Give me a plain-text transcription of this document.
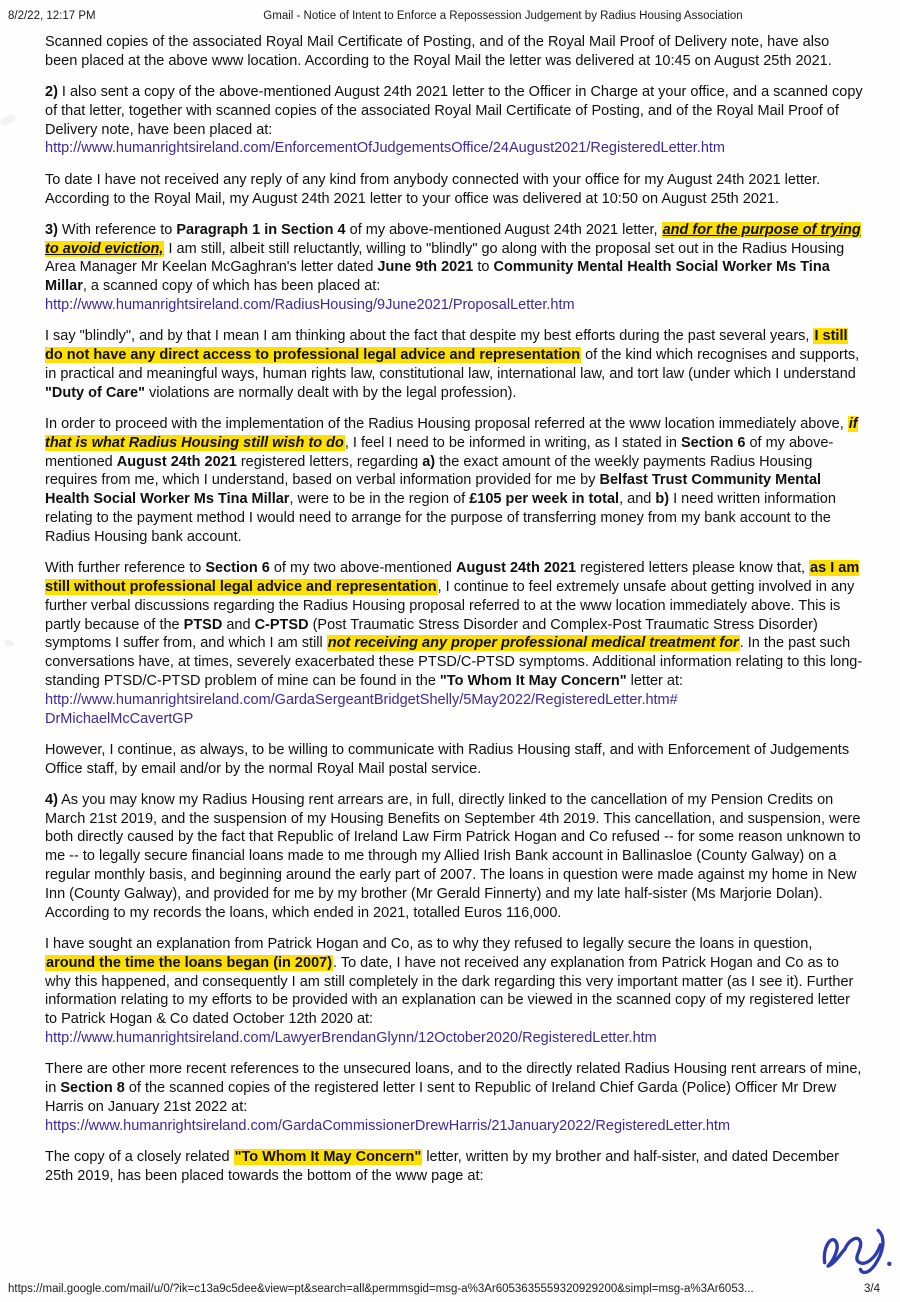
8/2/22, 12:17 PM	Gmail - Notice of Intent to Enforce a Repossession Judgement by Radius Housing Association

Scanned copies of the associated Royal Mail Certificate of Posting, and of the Royal Mail Proof of Delivery note, have also been placed at the above www location. According to the Royal Mail the letter was delivered at 10:45 on August 25th 2021.

2) I also sent a copy of the above-mentioned August 24th 2021 letter to the Officer in Charge at your office, and a scanned copy of that letter, together with scanned copies of the associated Royal Mail Certificate of Posting, and of the Royal Mail Proof of Delivery note, have been placed at:
http://www.humanrightsireland.com/EnforcementOfJudgementsOffice/24August2021/RegisteredLetter.htm

To date I have not received any reply of any kind from anybody connected with your office for my August 24th 2021 letter. According to the Royal Mail, my August 24th 2021 letter to your office was delivered at 10:50 on August 25th 2021.

3) With reference to Paragraph 1 in Section 4 of my above-mentioned August 24th 2021 letter, and for the purpose of trying to avoid eviction, I am still, albeit still reluctantly, willing to "blindly" go along with the proposal set out in the Radius Housing Area Manager Mr Keelan McGaghran's letter dated June 9th 2021 to Community Mental Health Social Worker Ms Tina Millar, a scanned copy of which has been placed at:
http://www.humanrightsireland.com/RadiusHousing/9June2021/ProposalLetter.htm

I say "blindly", and by that I mean I am thinking about the fact that despite my best efforts during the past several years, I still do not have any direct access to professional legal advice and representation of the kind which recognises and supports, in practical and meaningful ways, human rights law, constitutional law, international law, and tort law (under which I understand "Duty of Care" violations are normally dealt with by the legal profession).

In order to proceed with the implementation of the Radius Housing proposal referred at the www location immediately above, if that is what Radius Housing still wish to do, I feel I need to be informed in writing, as I stated in Section 6 of my above-mentioned August 24th 2021 registered letters, regarding a) the exact amount of the weekly payments Radius Housing requires from me, which I understand, based on verbal information provided for me by Belfast Trust Community Mental Health Social Worker Ms Tina Millar, were to be in the region of £105 per week in total, and b) I need written information relating to the payment method I would need to arrange for the purpose of transferring money from my bank account to the Radius Housing bank account.

With further reference to Section 6 of my two above-mentioned August 24th 2021 registered letters please know that, as I am still without professional legal advice and representation, I continue to feel extremely unsafe about getting involved in any further verbal discussions regarding the Radius Housing proposal referred to at the www location immediately above. This is partly because of the PTSD and C-PTSD (Post Traumatic Stress Disorder and Complex-Post Traumatic Stress Disorder) symptoms I suffer from, and which I am still not receiving any proper professional medical treatment for. In the past such conversations have, at times, severely exacerbated these PTSD/C-PTSD symptoms. Additional information relating to this long-standing PTSD/C-PTSD problem of mine can be found in the "To Whom It May Concern" letter at:
http://www.humanrightsireland.com/GardaSergeantBridgetShelly/5May2022/RegisteredLetter.htm#
DrMichaelMcCavertGP

However, I continue, as always, to be willing to communicate with Radius Housing staff, and with Enforcement of Judgements Office staff, by email and/or by the normal Royal Mail postal service.

4) As you may know my Radius Housing rent arrears are, in full, directly linked to the cancellation of my Pension Credits on March 21st 2019, and the suspension of my Housing Benefits on September 4th 2019. This cancellation, and suspension, were both directly caused by the fact that Republic of Ireland Law Firm Patrick Hogan and Co refused -- for some reason unknown to me -- to legally secure financial loans made to me through my Allied Irish Bank account in Ballinasloe (County Galway) on a regular monthly basis, and beginning around the early part of 2007. The loans in question were made against my home in New Inn (County Galway), and provided for me by my brother (Mr Gerald Finnerty) and my late half-sister (Ms Marjorie Dolan). According to my records the loans, which ended in 2021, totalled Euros 116,000.

I have sought an explanation from Patrick Hogan and Co, as to why they refused to legally secure the loans in question, around the time the loans began (in 2007). To date, I have not received any explanation from Patrick Hogan and Co as to why this happened, and consequently I am still completely in the dark regarding this very important matter (as I see it). Further information relating to my efforts to be provided with an explanation can be viewed in the scanned copy of my registered letter to Patrick Hogan & Co dated October 12th 2020 at:
http://www.humanrightsireland.com/LawyerBrendanGlynn/12October2020/RegisteredLetter.htm

There are other more recent references to the unsecured loans, and to the directly related Radius Housing rent arrears of mine, in Section 8 of the scanned copies of the registered letter I sent to Republic of Ireland Chief Garda (Police) Officer Mr Drew Harris on January 21st 2022 at:
https://www.humanrightsireland.com/GardaCommissionerDrewHarris/21January2022/RegisteredLetter.htm

The copy of a closely related "To Whom It May Concern" letter, written by my brother and half-sister, and dated December 25th 2019, has been placed towards the bottom of the www page at:

https://mail.google.com/mail/u/0/?ik=c13a9c5dee&view=pt&search=all&permmsgid=msg-a%3Ar6053635559320929200&simpl=msg-a%3Ar6053...	3/4
